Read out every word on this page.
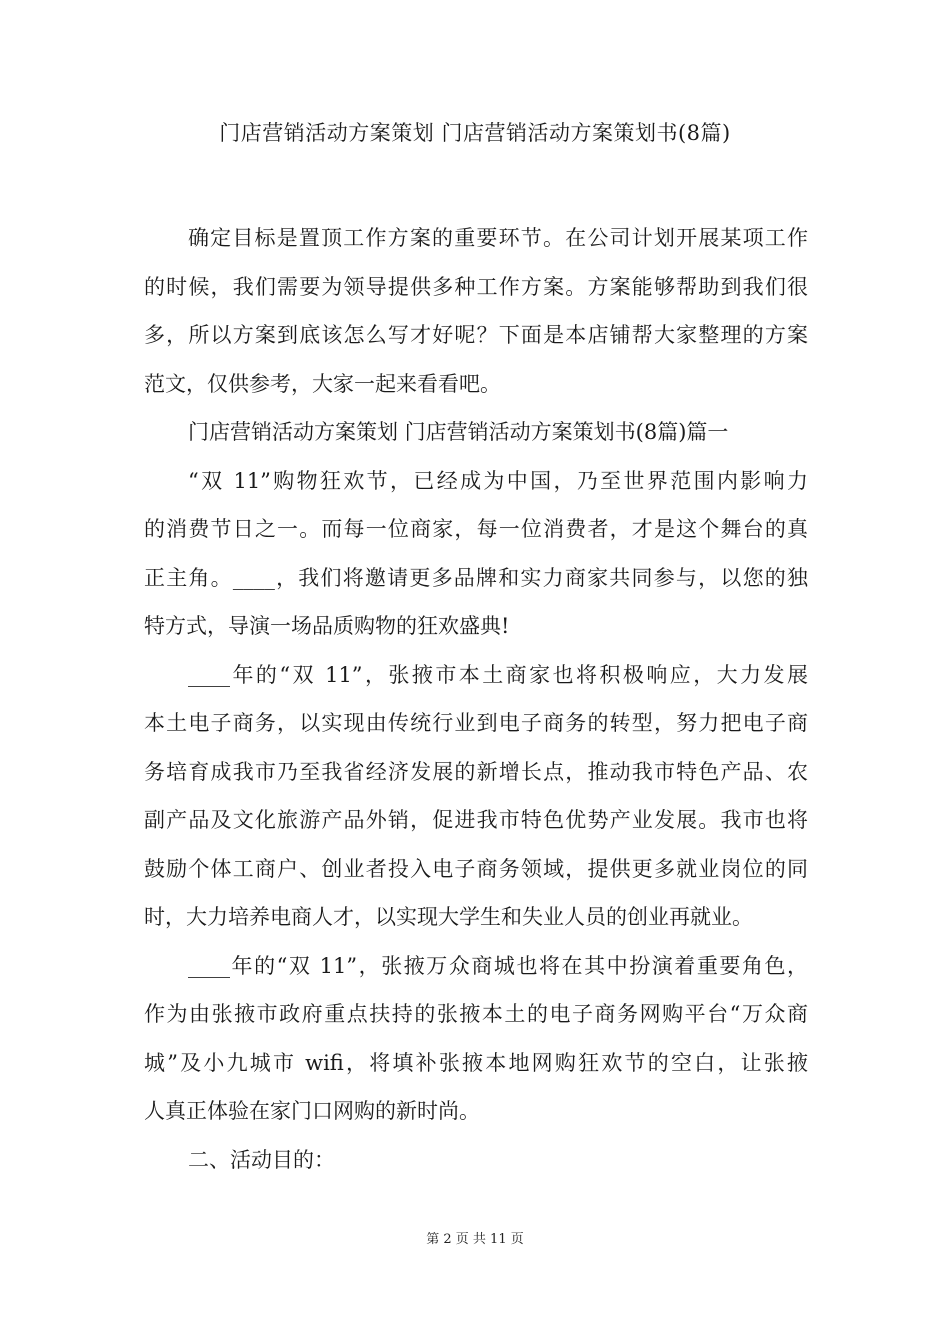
门店营销活动方案策划 门店营销活动方案策划书(8篇)
确定目标是置顶工作方案的重要环节。在公司计划开展某项工作
的时候，我们需要为领导提供多种工作方案。方案能够帮助到我们很
多，所以方案到底该怎么写才好呢？下面是本店铺帮大家整理的方案
范文，仅供参考，大家一起来看看吧。
门店营销活动方案策划 门店营销活动方案策划书(8篇)篇一
“双 11”购物狂欢节，已经成为中国，乃至世界范围内影响力
的消费节日之一。而每一位商家，每一位消费者，才是这个舞台的真
正主角。____，我们将邀请更多品牌和实力商家共同参与，以您的独
特方式，导演一场品质购物的狂欢盛典!
____年的“双 11”，张掖市本土商家也将积极响应，大力发展
本土电子商务，以实现由传统行业到电子商务的转型，努力把电子商
务培育成我市乃至我省经济发展的新增长点，推动我市特色产品、农
副产品及文化旅游产品外销，促进我市特色优势产业发展。我市也将
鼓励个体工商户、创业者投入电子商务领域，提供更多就业岗位的同
时，大力培养电商人才，以实现大学生和失业人员的创业再就业。
____年的“双 11”，张掖万众商城也将在其中扮演着重要角色，
作为由张掖市政府重点扶持的张掖本土的电子商务网购平台“万众商
城”及小九城市 wifi，将填补张掖本地网购狂欢节的空白，让张掖
人真正体验在家门口网购的新时尚。
二、活动目的：
第 2 页 共 11 页
